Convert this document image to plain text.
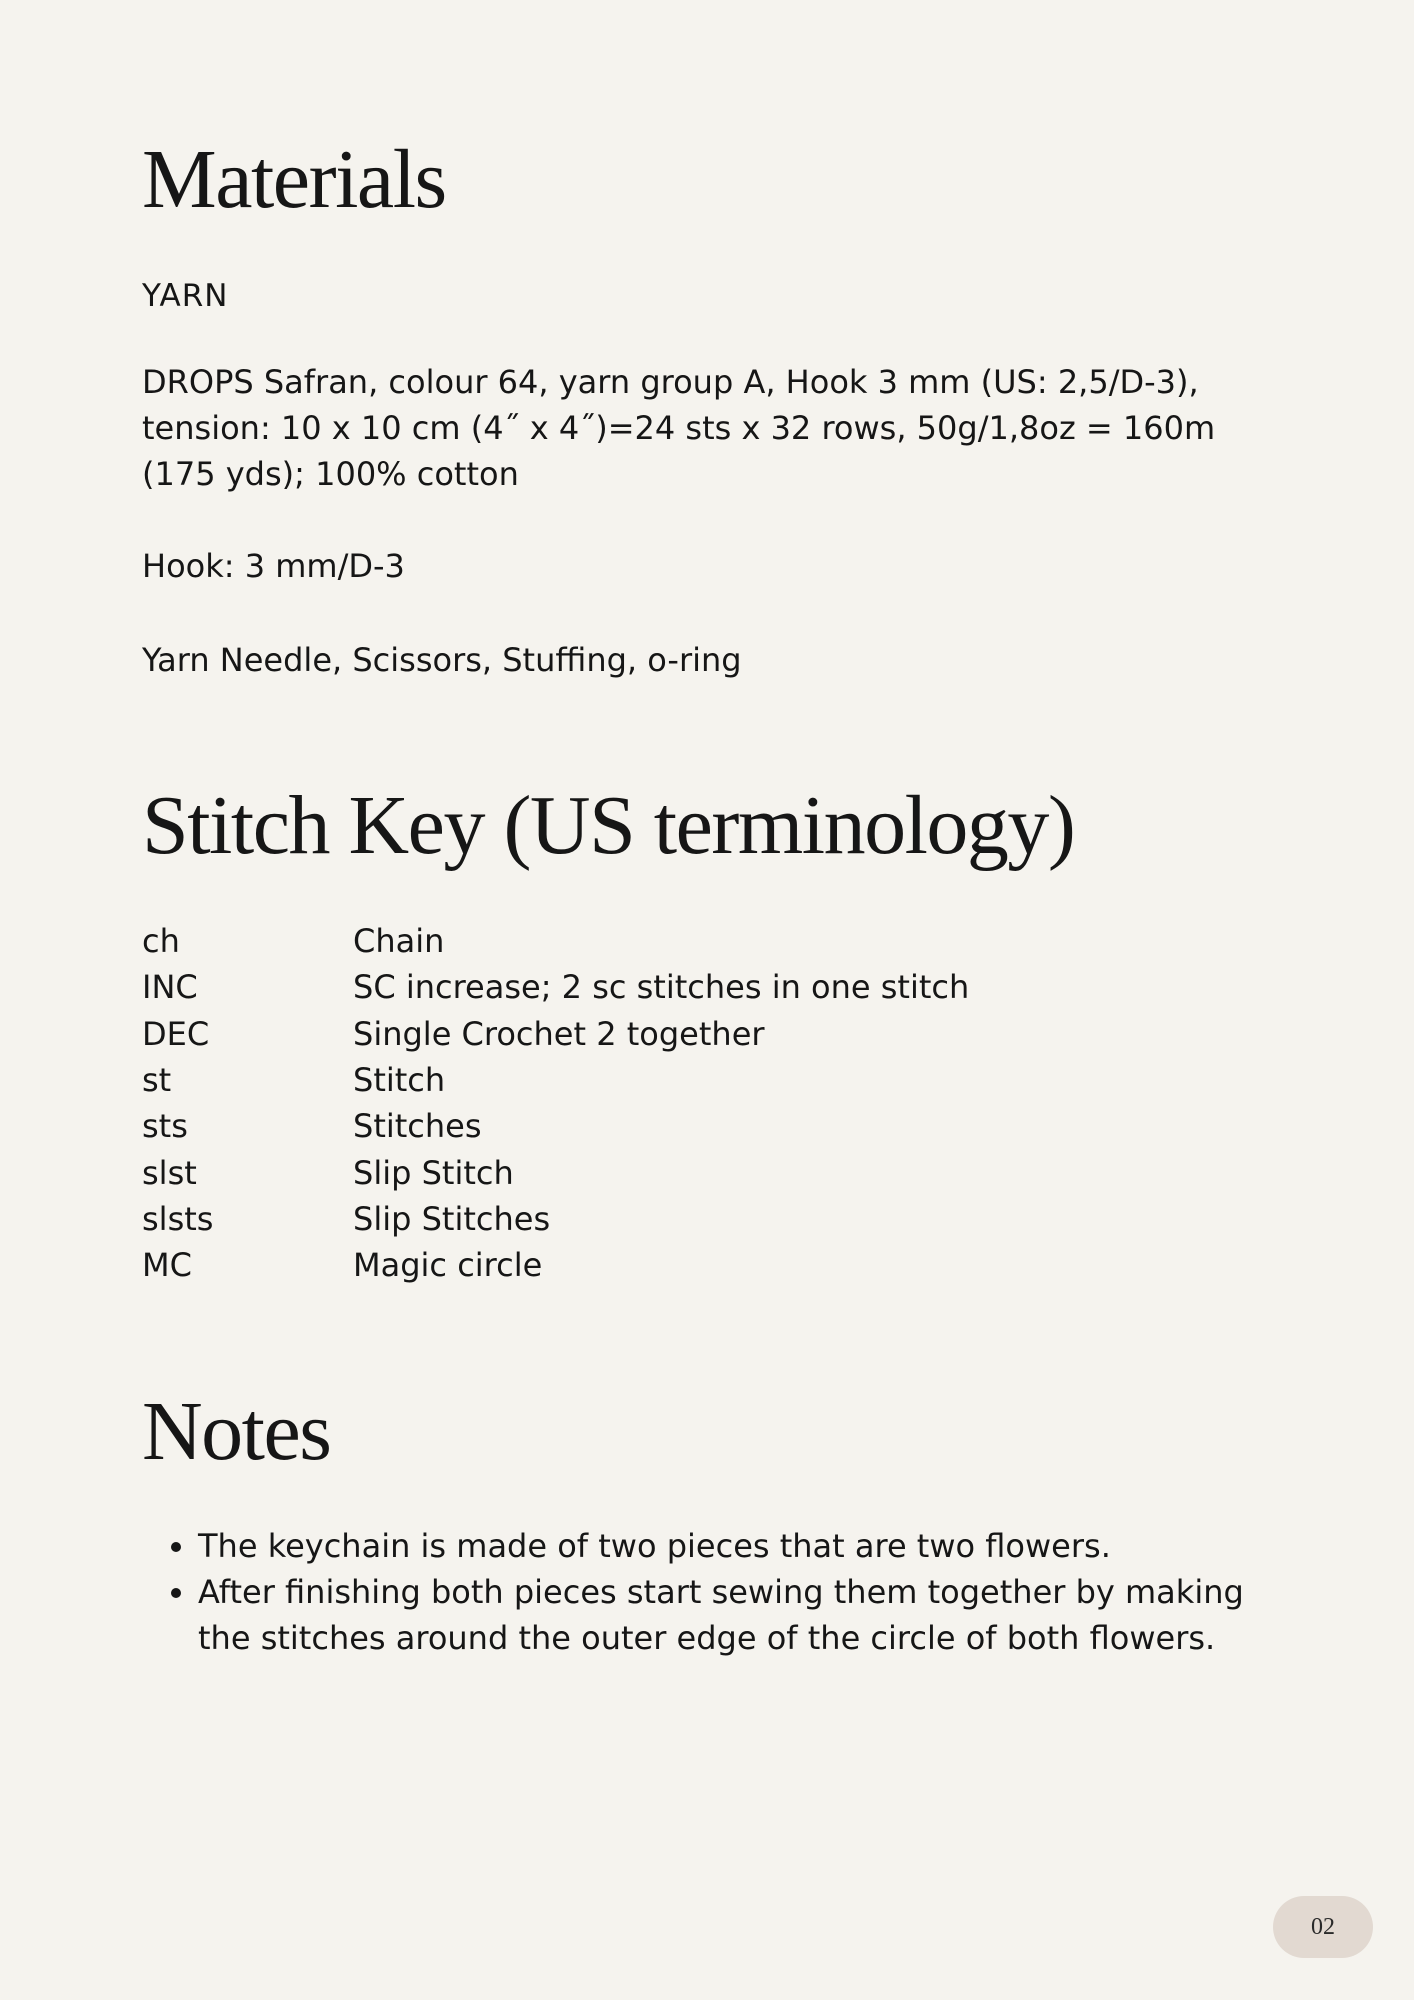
Materials

YARN

DROPS Safran, colour 64, yarn group A, Hook 3 mm (US: 2,5/D-3), tension: 10 x 10 cm (4˝ x 4˝)=24 sts x 32 rows, 50g/1,8oz = 160m (175 yds); 100% cotton

Hook: 3 mm/D-3

Yarn Needle, Scissors, Stuffing, o-ring

Stitch Key (US terminology)
ch	Chain
INC	SC increase; 2 sc stitches in one stitch
DEC	Single Crochet 2 together
st	Stitch
sts	Stitches
slst	Slip Stitch
slsts	Slip Stitches
MC	Magic circle
Notes
• The keychain is made of two pieces that are two flowers.
• After finishing both pieces start sewing them together by making the stitches around the outer edge of the circle of both flowers.
02
